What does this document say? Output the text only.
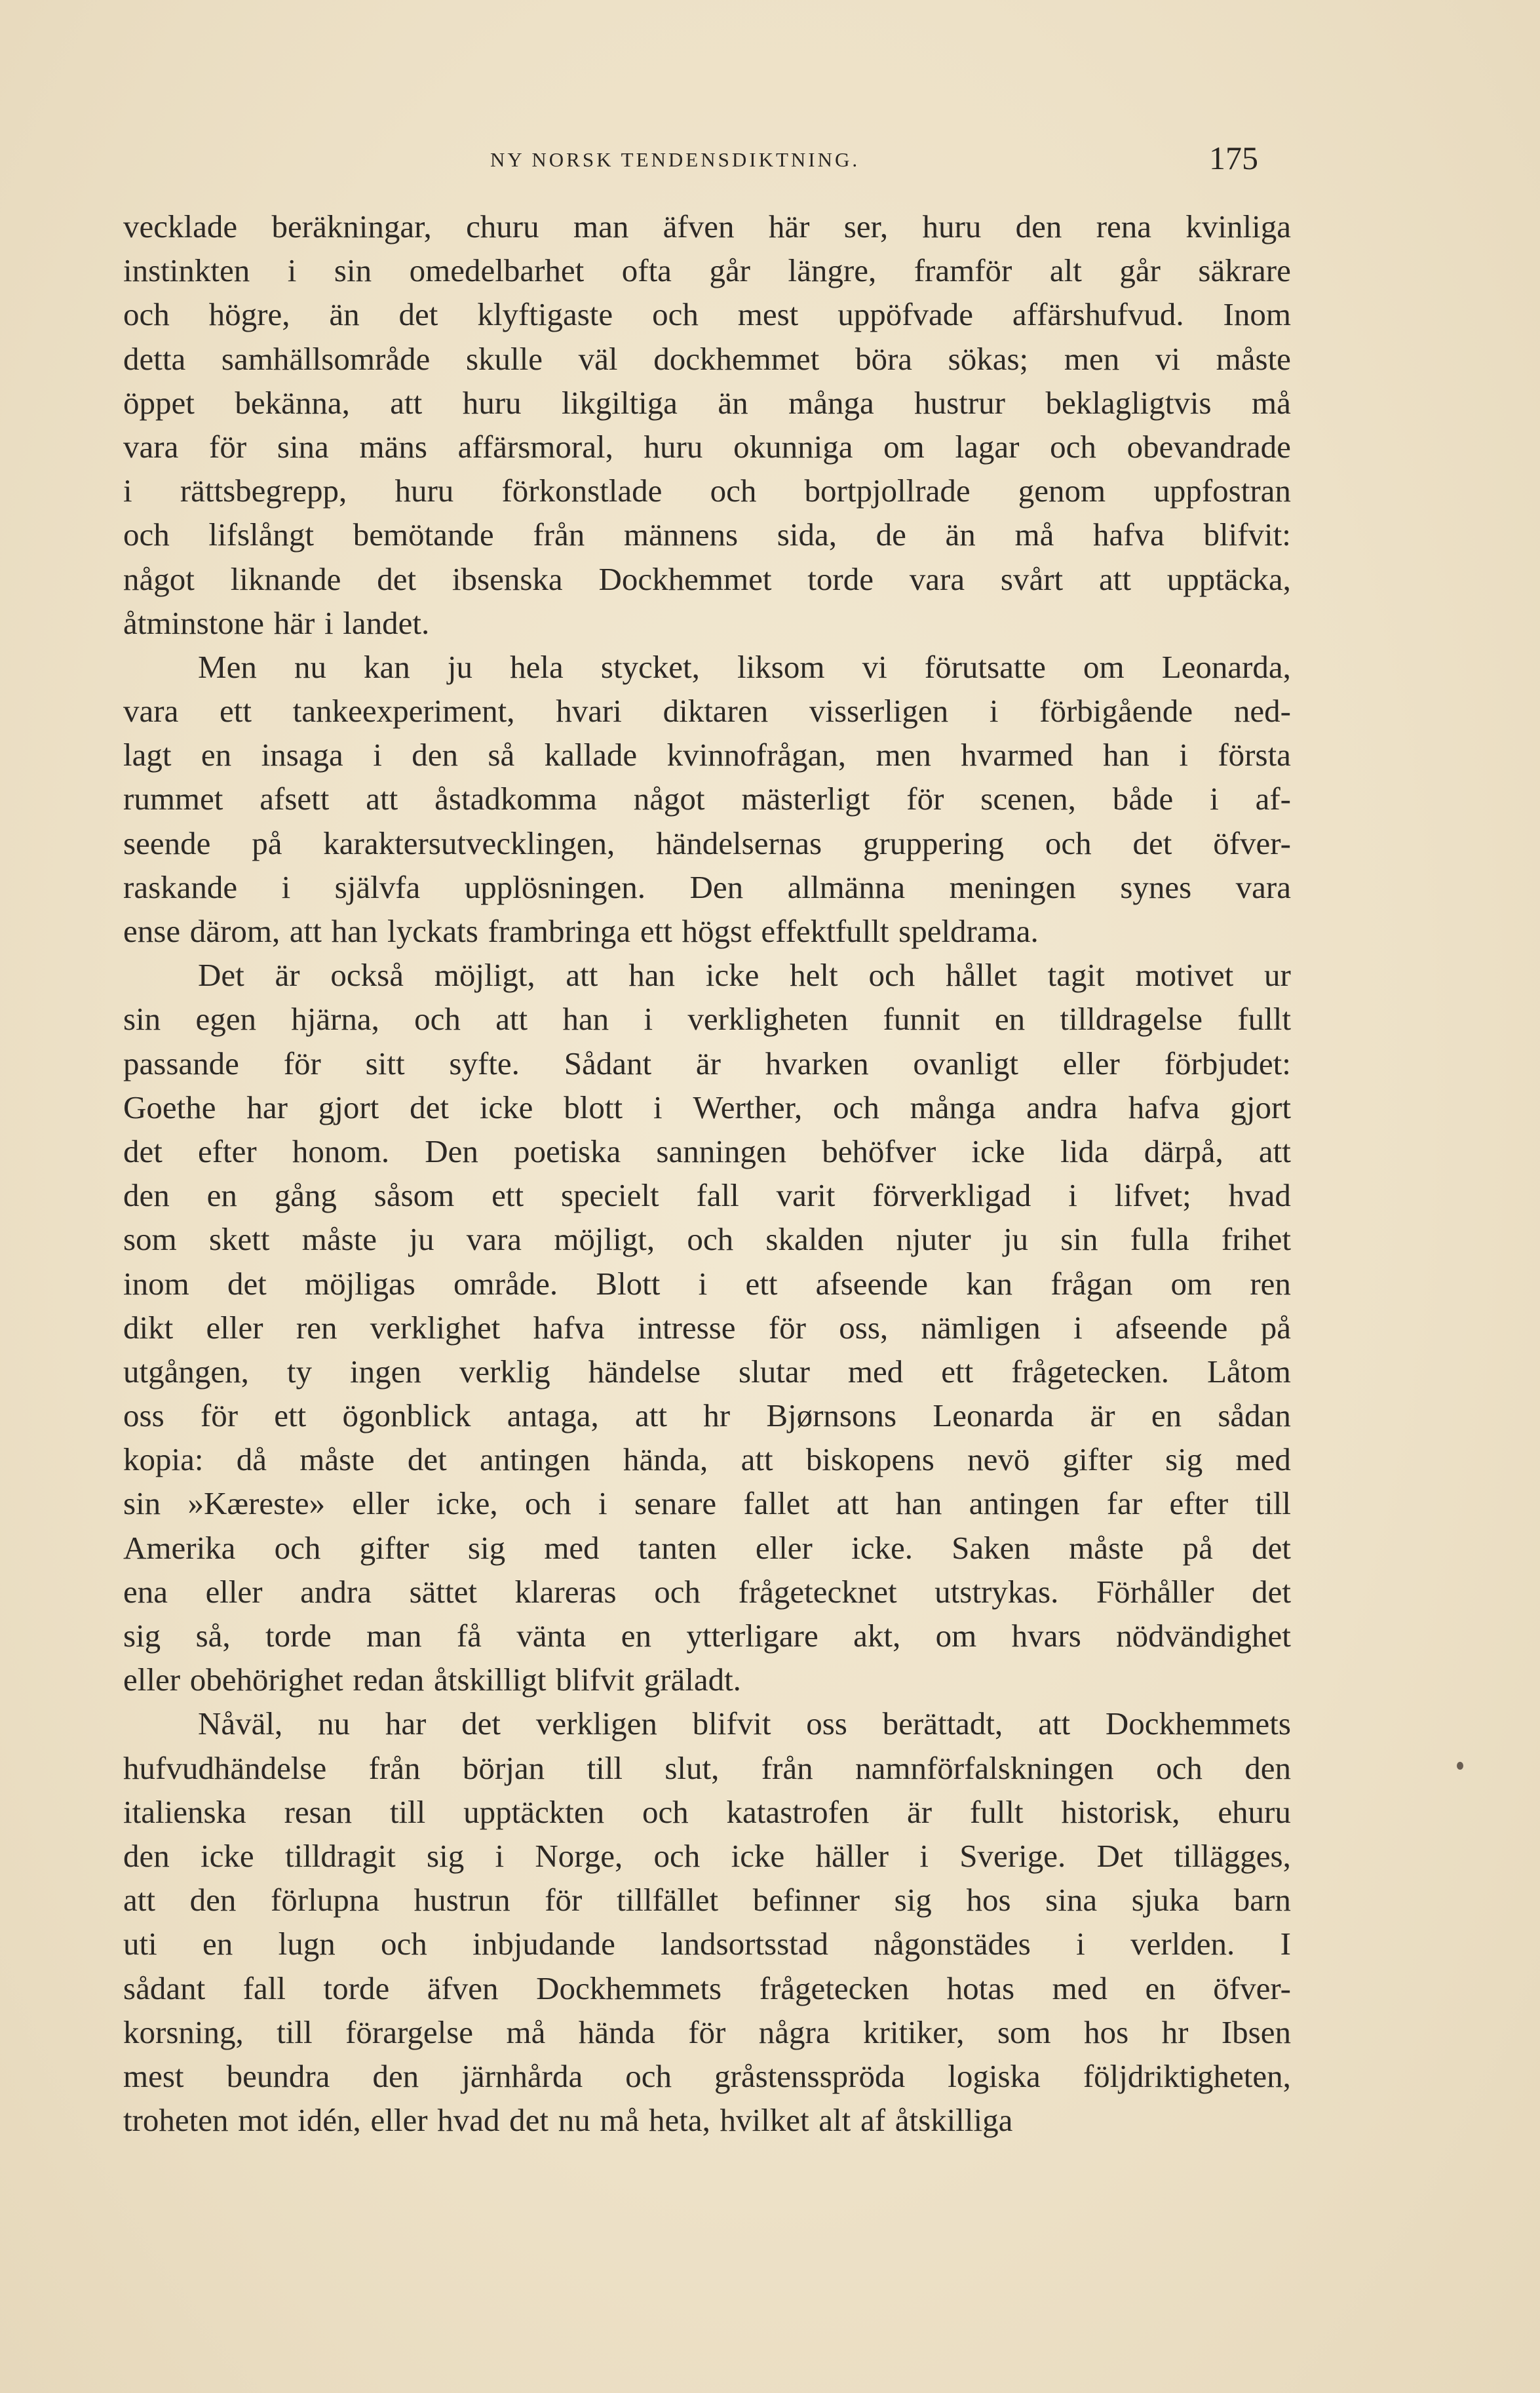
NY NORSK TENDENSDIKTNING.	175
vecklade beräkningar, churu man äfven här ser, huru den rena kvinliga
instinkten i sin omedelbarhet ofta går längre, framför alt går säkrare
och högre, än det klyftigaste och mest uppöfvade affärshufvud. Inom
detta samhällsområde skulle väl dockhemmet böra sökas; men vi måste
öppet bekänna, att huru likgiltiga än många hustrur beklagligtvis må
vara för sina mäns affärsmoral, huru okunniga om lagar och obevandrade
i rättsbegrepp, huru förkonstlade och bortpjollrade genom uppfostran
och lifslångt bemötande från männens sida, de än må hafva blifvit:
något liknande det ibsenska Dockhemmet torde vara svårt att upptäcka,
åtminstone här i landet.
Men nu kan ju hela stycket, liksom vi förutsatte om Leonarda,
vara ett tankeexperiment, hvari diktaren visserligen i förbigående ned-
lagt en insaga i den så kallade kvinnofrågan, men hvarmed han i första
rummet afsett att åstadkomma något mästerligt för scenen, både i af-
seende på karaktersutvecklingen, händelsernas gruppering och det öfver-
raskande i självfa upplösningen. Den allmänna meningen synes vara
ense därom, att han lyckats frambringa ett högst effektfullt speldrama.
Det är också möjligt, att han icke helt och hållet tagit motivet ur
sin egen hjärna, och att han i verkligheten funnit en tilldragelse fullt
passande för sitt syfte. Sådant är hvarken ovanligt eller förbjudet:
Goethe har gjort det icke blott i Werther, och många andra hafva gjort
det efter honom. Den poetiska sanningen behöfver icke lida därpå, att
den en gång såsom ett specielt fall varit förverkligad i lifvet; hvad
som skett måste ju vara möjligt, och skalden njuter ju sin fulla frihet
inom det möjligas område. Blott i ett afseende kan frågan om ren
dikt eller ren verklighet hafva intresse för oss, nämligen i afseende på
utgången, ty ingen verklig händelse slutar med ett frågetecken. Låtom
oss för ett ögonblick antaga, att hr Bjørnsons Leonarda är en sådan
kopia: då måste det antingen hända, att biskopens nevö gifter sig med
sin »Kæreste» eller icke, och i senare fallet att han antingen far efter till
Amerika och gifter sig med tanten eller icke. Saken måste på det
ena eller andra sättet klareras och frågetecknet utstrykas. Förhåller det
sig så, torde man få vänta en ytterligare akt, om hvars nödvändighet
eller obehörighet redan åtskilligt blifvit gräladt.
Nåväl, nu har det verkligen blifvit oss berättadt, att Dockhemmets
hufvudhändelse från början till slut, från namnförfalskningen och den
italienska resan till upptäckten och katastrofen är fullt historisk, ehuru
den icke tilldragit sig i Norge, och icke häller i Sverige. Det tillägges,
att den förlupna hustrun för tillfället befinner sig hos sina sjuka barn
uti en lugn och inbjudande landsortsstad någonstädes i verlden. I
sådant fall torde äfven Dockhemmets frågetecken hotas med en öfver-
korsning, till förargelse må hända för några kritiker, som hos hr Ibsen
mest beundra den järnhårda och gråstensspröda logiska följdriktigheten,
troheten mot idén, eller hvad det nu må heta, hvilket alt af åtskilliga
